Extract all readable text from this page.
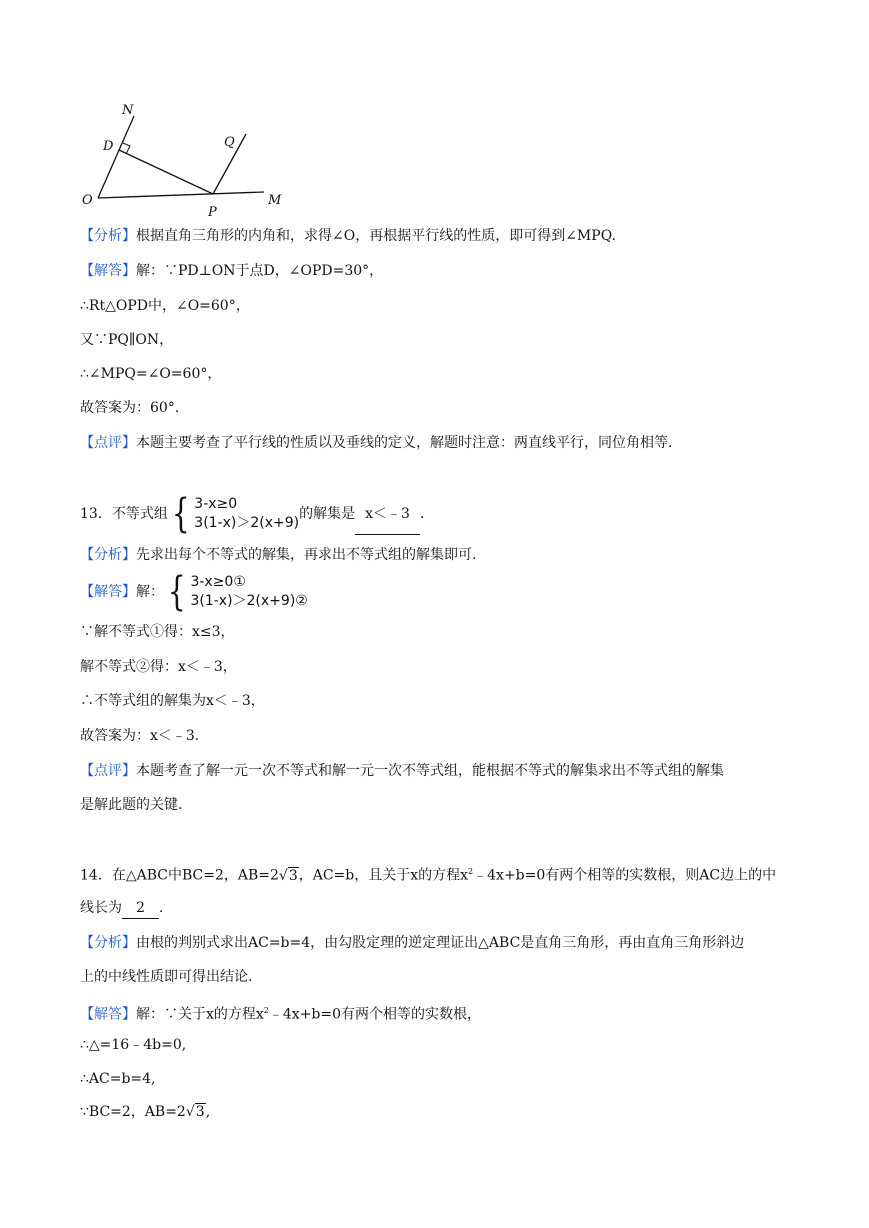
N
D	Q
O
P
M
【分析】根据直角三角形的内角和，求得∠O，再根据平行线的性质，即可得到∠MPQ.
【解答】解：∵PD⊥ON于点D，∠OPD=30°，
∴Rt△OPD中，∠O=60°，
又∵PQ∥ON，
∴∠MPQ=∠O=60°，
故答案为：60°．
【点评】本题主要考查了平行线的性质以及垂线的定义，解题时注意：两直线平行，同位角相等.
13．不等式组 { 3-x≥0
3(1-x)＞2(x+9)
的解集是 x＜﹣3 .
【分析】先求出每个不等式的解集，再求出不等式组的解集即可.
【解答】解： { 3-x≥0①
3(1-x)＞2(x+9)②
∵解不等式①得：x≤3，
解不等式②得：x＜﹣3，
∴不等式组的解集为x＜﹣3，
故答案为：x＜﹣3.
【点评】本题考查了解一元一次不等式和解一元一次不等式组，能根据不等式的解集求出不等式组的解集
是解此题的关键.
14．在△ABC中BC=2，AB=2√3，AC=b，且关于x的方程$x^2﹣4x+b=0$有两个相等的实数根，则AC边上的中
线长为 2 .
【分析】由根的判别式求出AC=b=4，由勾股定理的逆定理证出△ABC是直角三角形，再由直角三角形斜边
上的中线性质即可得出结论.
【解答】解：∵关于x的方程$x^2﹣4x+b=0$有两个相等的实数根，
∴△=16﹣4b=0,
∴AC=b=4,
∵BC=2，AB=2√3,
